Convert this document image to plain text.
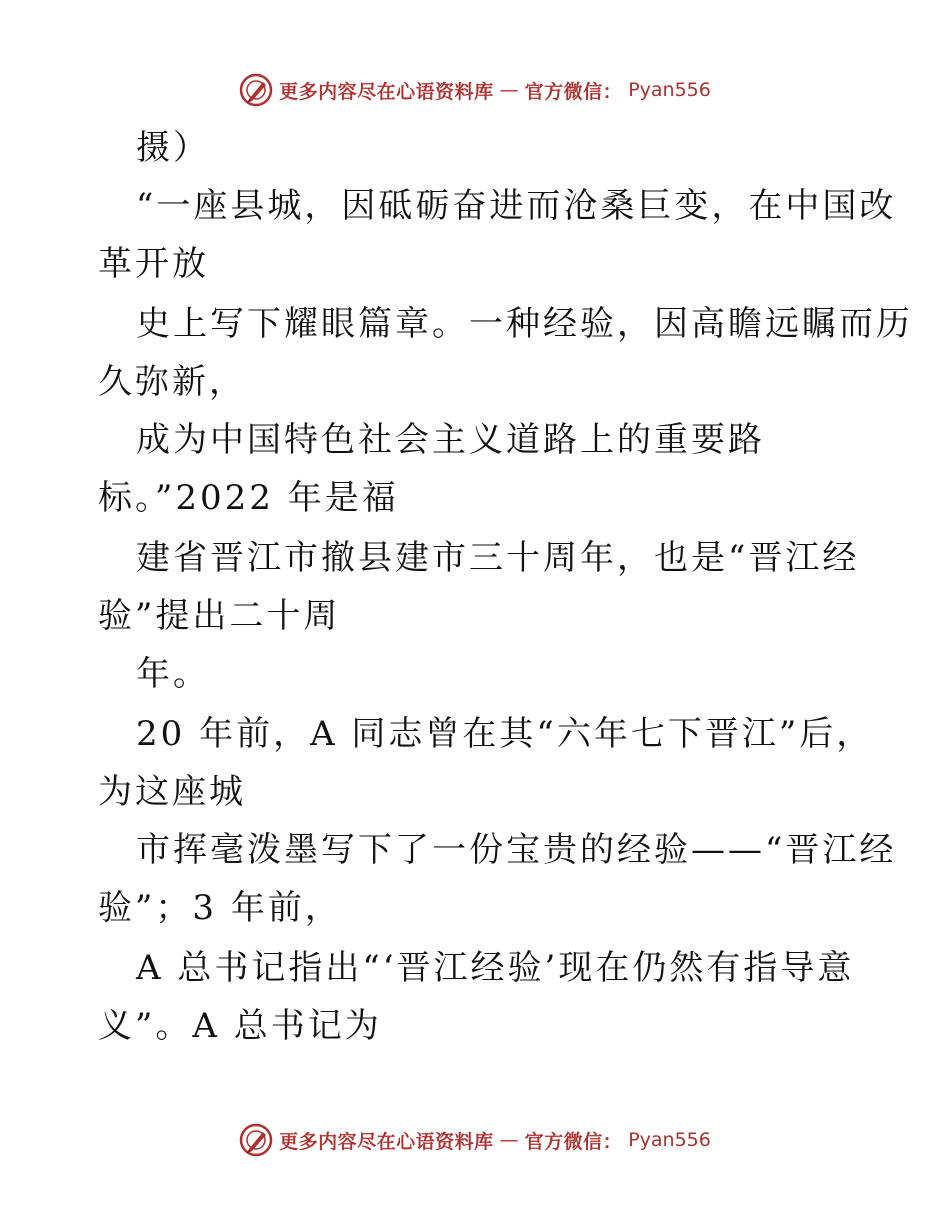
更多内容尽在心语资料库 — 官方微信： Pyan556
摄）
“一座县城，因砥砺奋进而沧桑巨变，在中国改
革开放
史上写下耀眼篇章。一种经验，因高瞻远瞩而历
久弥新，
成为中国特色社会主义道路上的重要路
标。”2022 年是福
建省晋江市撤县建市三十周年，也是“晋江经
验”提出二十周
年。
20 年前，A 同志曾在其“六年七下晋江”后，
为这座城
市挥毫泼墨写下了一份宝贵的经验——“晋江经
验”；3 年前，
A 总书记指出“‘晋江经验’现在仍然有指导意
义”。A 总书记为
更多内容尽在心语资料库 — 官方微信： Pyan556
